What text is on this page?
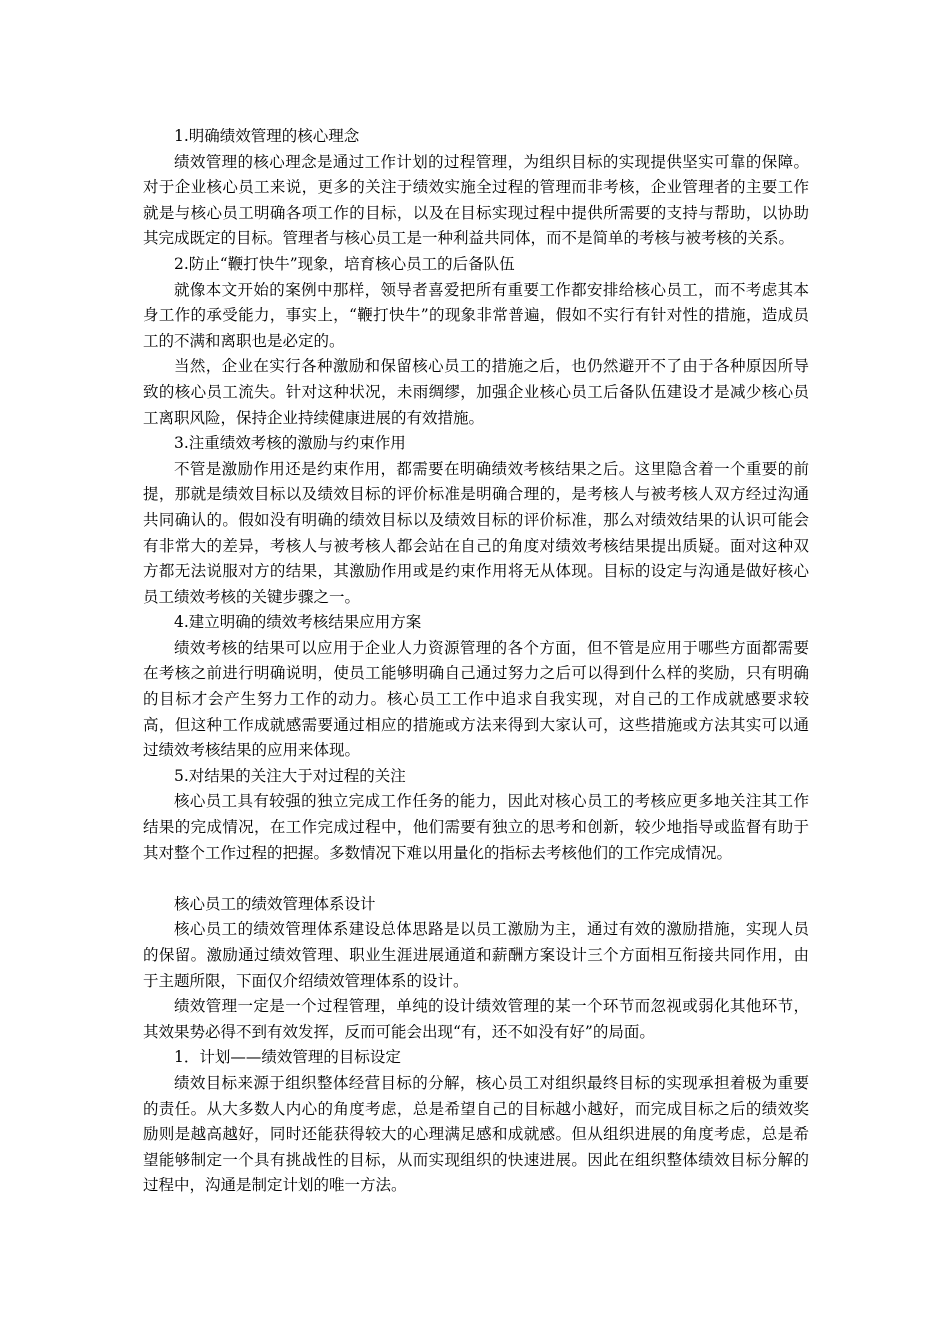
1.明确绩效管理的核心理念

绩效管理的核心理念是通过工作计划的过程管理，为组织目标的实现提供坚实可靠的保障。对于企业核心员工来说，更多的关注于绩效实施全过程的管理而非考核，企业管理者的主要工作就是与核心员工明确各项工作的目标，以及在目标实现过程中提供所需要的支持与帮助，以协助其完成既定的目标。管理者与核心员工是一种利益共同体，而不是简单的考核与被考核的关系。

2.防止“鞭打快牛”现象，培育核心员工的后备队伍

就像本文开始的案例中那样，领导者喜爱把所有重要工作都安排给核心员工，而不考虑其本身工作的承受能力，事实上，“鞭打快牛”的现象非常普遍，假如不实行有针对性的措施，造成员工的不满和离职也是必定的。

当然，企业在实行各种激励和保留核心员工的措施之后，也仍然避开不了由于各种原因所导致的核心员工流失。针对这种状况，未雨绸缪，加强企业核心员工后备队伍建设才是减少核心员工离职风险，保持企业持续健康进展的有效措施。

3.注重绩效考核的激励与约束作用

不管是激励作用还是约束作用，都需要在明确绩效考核结果之后。这里隐含着一个重要的前提，那就是绩效目标以及绩效目标的评价标准是明确合理的，是考核人与被考核人双方经过沟通共同确认的。假如没有明确的绩效目标以及绩效目标的评价标准，那么对绩效结果的认识可能会有非常大的差异，考核人与被考核人都会站在自己的角度对绩效考核结果提出质疑。面对这种双方都无法说服对方的结果，其激励作用或是约束作用将无从体现。目标的设定与沟通是做好核心员工绩效考核的关键步骤之一。

4.建立明确的绩效考核结果应用方案

绩效考核的结果可以应用于企业人力资源管理的各个方面，但不管是应用于哪些方面都需要在考核之前进行明确说明，使员工能够明确自己通过努力之后可以得到什么样的奖励，只有明确的目标才会产生努力工作的动力。核心员工工作中追求自我实现，对自己的工作成就感要求较高，但这种工作成就感需要通过相应的措施或方法来得到大家认可，这些措施或方法其实可以通过绩效考核结果的应用来体现。

5.对结果的关注大于对过程的关注

核心员工具有较强的独立完成工作任务的能力，因此对核心员工的考核应更多地关注其工作结果的完成情况，在工作完成过程中，他们需要有独立的思考和创新，较少地指导或监督有助于其对整个工作过程的把握。多数情况下难以用量化的指标去考核他们的工作完成情况。

核心员工的绩效管理体系设计

核心员工的绩效管理体系建设总体思路是以员工激励为主，通过有效的激励措施，实现人员的保留。激励通过绩效管理、职业生涯进展通道和薪酬方案设计三个方面相互衔接共同作用，由于主题所限，下面仅介绍绩效管理体系的设计。

绩效管理一定是一个过程管理，单纯的设计绩效管理的某一个环节而忽视或弱化其他环节，其效果势必得不到有效发挥，反而可能会出现“有，还不如没有好”的局面。

1．计划——绩效管理的目标设定

绩效目标来源于组织整体经营目标的分解，核心员工对组织最终目标的实现承担着极为重要的责任。从大多数人内心的角度考虑，总是希望自己的目标越小越好，而完成目标之后的绩效奖励则是越高越好，同时还能获得较大的心理满足感和成就感。但从组织进展的角度考虑，总是希望能够制定一个具有挑战性的目标，从而实现组织的快速进展。因此在组织整体绩效目标分解的过程中，沟通是制定计划的唯一方法。
